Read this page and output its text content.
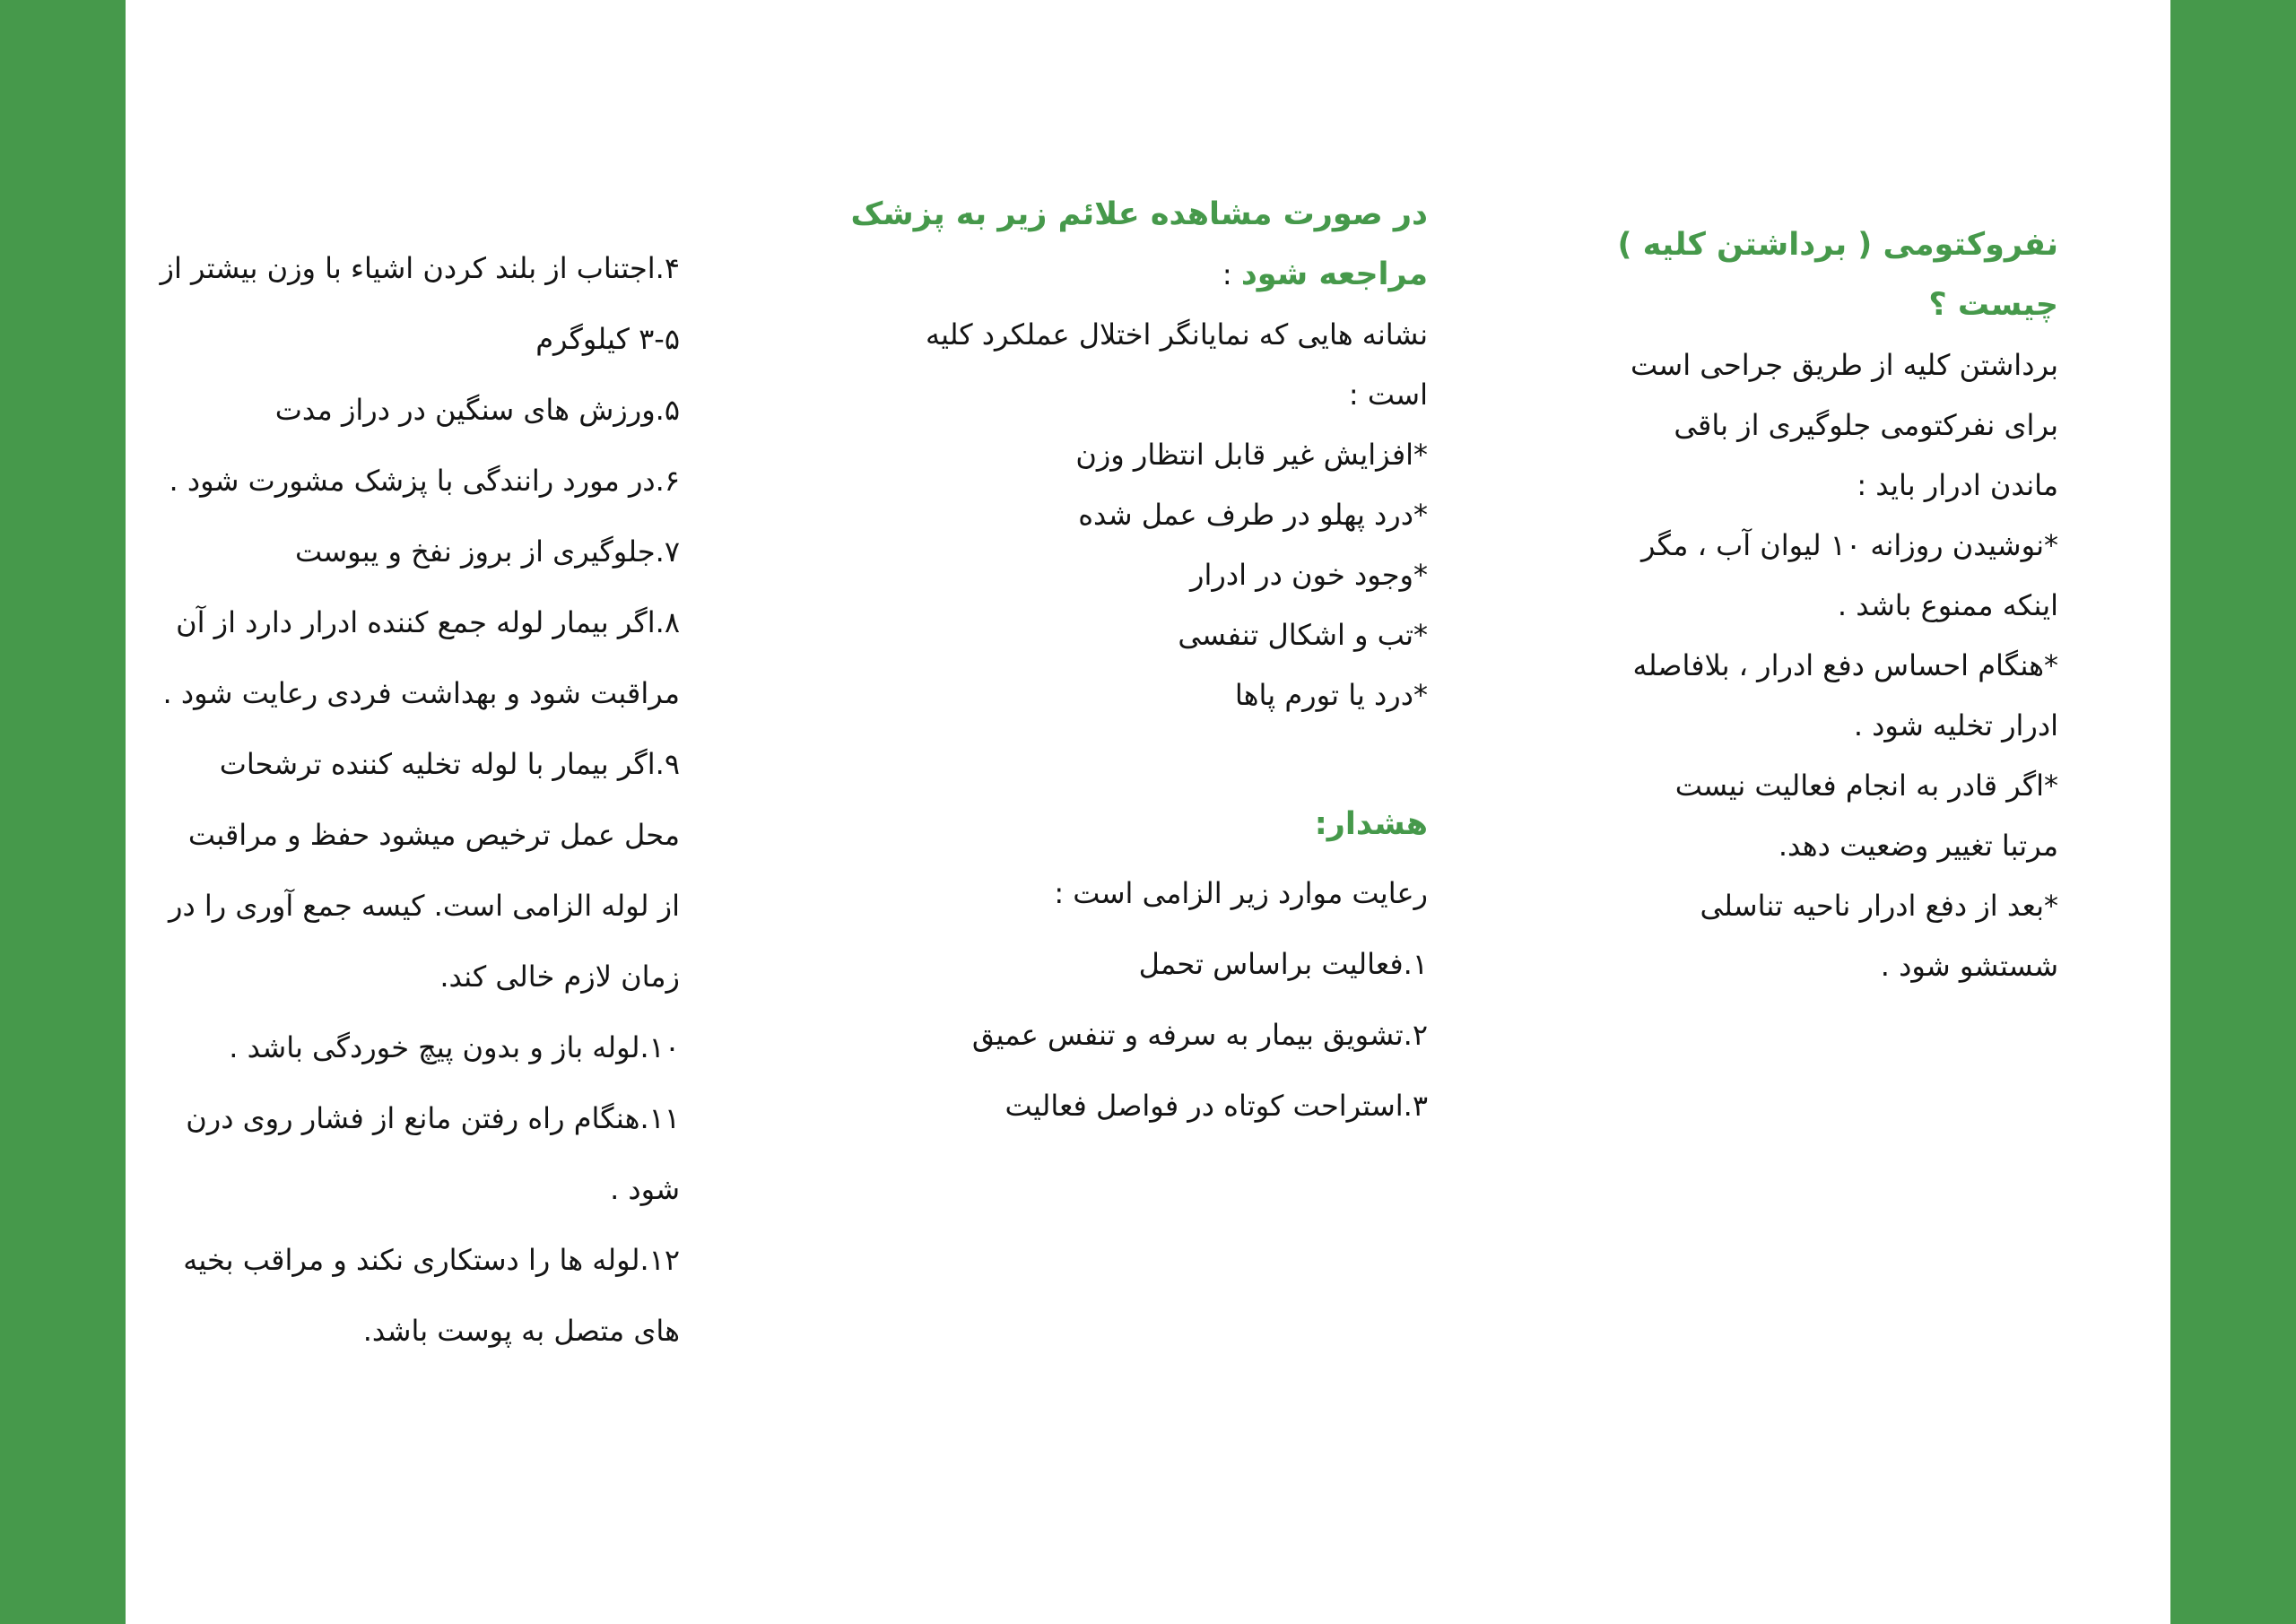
نفروکتومی ( برداشتن کلیه )

چیست ؟

برداشتن کلیه از طریق جراحی است

برای نفرکتومی جلوگیری از باقی

ماندن ادرار باید :

*نوشیدن روزانه ۱۰ لیوان آب ، مگر

اینکه ممنوع باشد .

*هنگام احساس دفع ادرار ، بلافاصله

ادرار تخلیه شود .

*اگر قادر به انجام فعالیت نیست

مرتبا تغییر وضعیت دهد.

*بعد از دفع ادرار ناحیه تناسلی

شستشو شود .

در صورت مشاهده علائم زیر به پزشک

مراجعه شود :

نشانه هایی که نمایانگر اختلال عملکرد کلیه

است :

*افزایش غیر قابل انتظار وزن

*درد پهلو در طرف عمل شده

*وجود خون در ادرار

*تب و اشکال تنفسی

*درد یا تورم پاها

هشدار:

رعایت موارد زیر الزامی است :

۱.فعالیت براساس تحمل

۲.تشویق بیمار به سرفه و تنفس عمیق

۳.استراحت کوتاه در فواصل فعالیت

۴.اجتناب از بلند کردن اشیاء با وزن بیشتر از

۳-۵ کیلوگرم

۵.ورزش های سنگین در دراز مدت

۶.در مورد رانندگی با پزشک مشورت شود .

۷.جلوگیری از بروز نفخ و یبوست

۸.اگر بیمار لوله جمع کننده ادرار دارد از آن

مراقبت شود و بهداشت فردی رعایت شود .

۹.اگر بیمار با لوله تخلیه کننده ترشحات

محل عمل ترخیص میشود حفظ و مراقبت

از لوله الزامی است. کیسه جمع آوری را در

زمان لازم خالی کند.

۱۰.لوله باز و بدون پیچ خوردگی باشد .

۱۱.هنگام راه رفتن مانع از فشار روی درن

شود .

۱۲.لوله ها را دستکاری نکند و مراقب بخیه

های متصل به پوست باشد.
